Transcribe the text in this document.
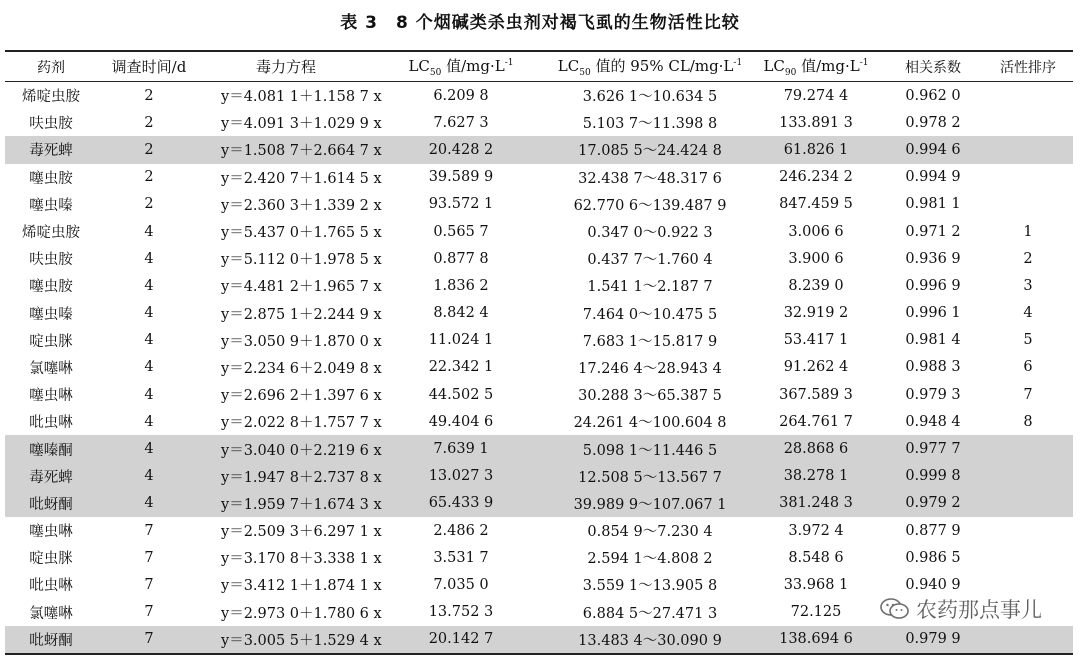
表 3　8 个烟碱类杀虫剂对褐飞虱的生物活性比较
药剂	调查时间/d	毒力方程	$LC_{50}$ 值$/mg\cdot L^{-1}$	$LC_{50}$ 值的 95% $CL/mg\cdot L^{-1}$	$LC_{90}$ 值$/mg\cdot L^{-1}$	相关系数	活性排序
烯啶虫胺	2	y＝4.081 1＋1.158 7 x	6.209 8	3.626 1～10.634 5	79.274 4	0.962 0
呋虫胺	2	y＝4.091 3＋1.029 9 x	7.627 3	5.103 7～11.398 8	133.891 3	0.978 2
毒死蜱	2	y＝1.508 7＋2.664 7 x	20.428 2	17.085 5～24.424 8	61.826 1	0.994 6
噻虫胺	2	y＝2.420 7＋1.614 5 x	39.589 9	32.438 7～48.317 6	246.234 2	0.994 9
噻虫嗪	2	y＝2.360 3＋1.339 2 x	93.572 1	62.770 6～139.487 9	847.459 5	0.981 1
烯啶虫胺	4	y＝5.437 0＋1.765 5 x	0.565 7	0.347 0～0.922 3	3.006 6	0.971 2	1
呋虫胺	4	y＝5.112 0＋1.978 5 x	0.877 8	0.437 7～1.760 4	3.900 6	0.936 9	2
噻虫胺	4	y＝4.481 2＋1.965 7 x	1.836 2	1.541 1～2.187 7	8.239 0	0.996 9	3
噻虫嗪	4	y＝2.875 1＋2.244 9 x	8.842 4	7.464 0～10.475 5	32.919 2	0.996 1	4
啶虫脒	4	y＝3.050 9＋1.870 0 x	11.024 1	7.683 1～15.817 9	53.417 1	0.981 4	5
氯噻啉	4	y＝2.234 6＋2.049 8 x	22.342 1	17.246 4～28.943 4	91.262 4	0.988 3	6
噻虫啉	4	y＝2.696 2＋1.397 6 x	44.502 5	30.288 3～65.387 5	367.589 3	0.979 3	7
吡虫啉	4	y＝2.022 8＋1.757 7 x	49.404 6	24.261 4～100.604 8	264.761 7	0.948 4	8
噻嗪酮	4	y＝3.040 0＋2.219 6 x	7.639 1	5.098 1～11.446 5	28.868 6	0.977 7
毒死蜱	4	y＝1.947 8＋2.737 8 x	13.027 3	12.508 5～13.567 7	38.278 1	0.999 8
吡蚜酮	4	y＝1.959 7＋1.674 3 x	65.433 9	39.989 9～107.067 1	381.248 3	0.979 2
噻虫啉	7	y＝2.509 3＋6.297 1 x	2.486 2	0.854 9～7.230 4	3.972 4	0.877 9
啶虫脒	7	y＝3.170 8＋3.338 1 x	3.531 7	2.594 1～4.808 2	8.548 6	0.986 5
吡虫啉	7	y＝3.412 1＋1.874 1 x	7.035 0	3.559 1～13.905 8	33.968 1	0.940 9
氯噻啉	7	y＝2.973 0＋1.780 6 x	13.752 3	6.884 5～27.471 3	72.125
吡蚜酮	7	y＝3.005 5＋1.529 4 x	20.142 7	13.483 4～30.090 9	138.694 6	0.979 9
农药那点事儿
